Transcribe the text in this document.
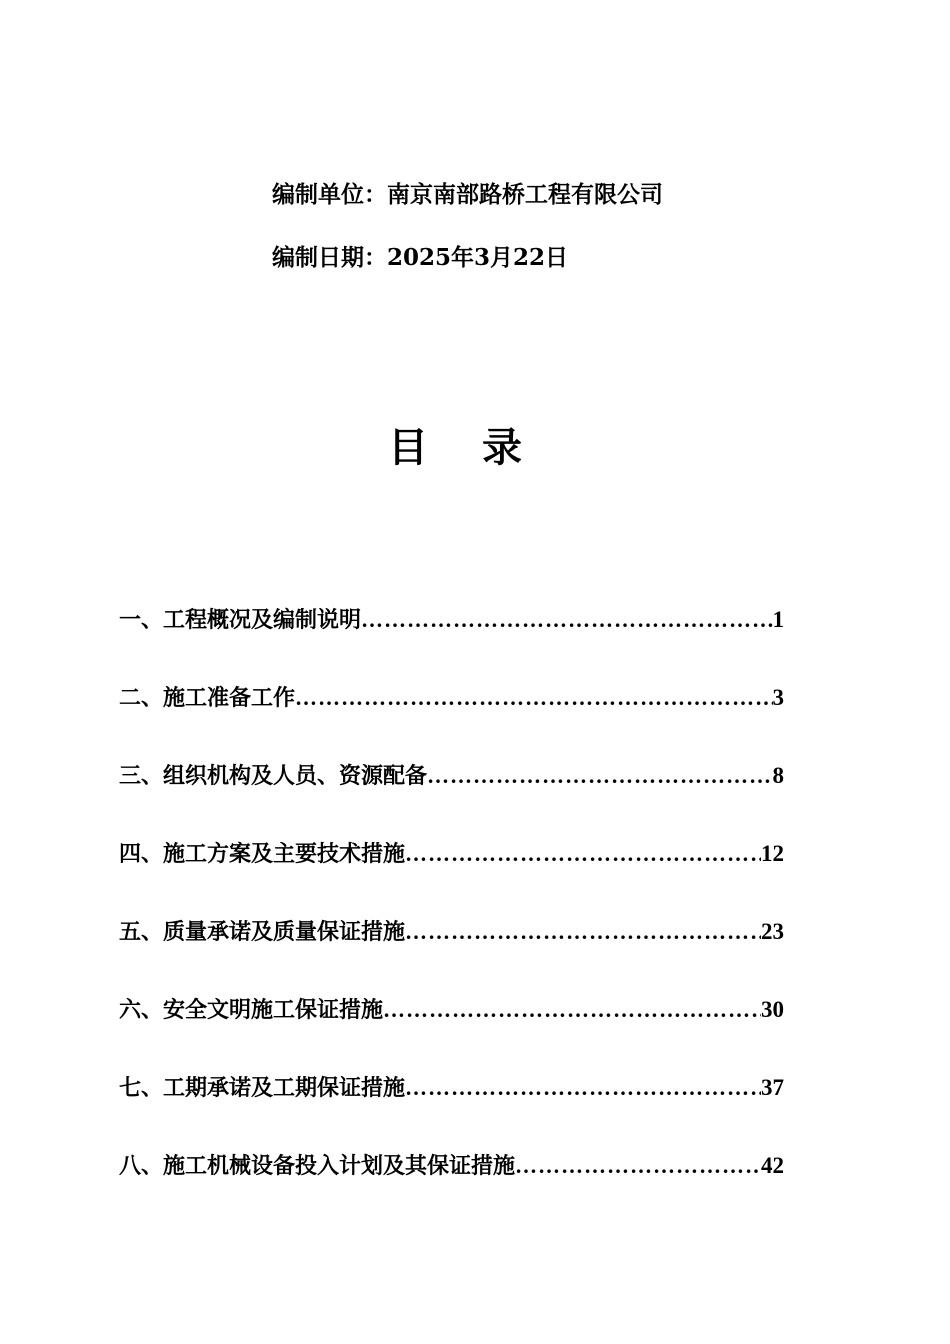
编制单位：南京南部路桥工程有限公司
编制日期：2025年3月22日
目 录
一、工程概况及编制说明 ……………………………………………………………………………………………………………………………………………………	1
二、施工准备工作 ……………………………………………………………………………………………………………………………………………………	3
三、组织机构及人员、资源配备 ……………………………………………………………………………………………………………………………………………………	8
四、施工方案及主要技术措施 ……………………………………………………………………………………………………………………………………………………	12
五、质量承诺及质量保证措施 ……………………………………………………………………………………………………………………………………………………	23
六、安全文明施工保证措施 ……………………………………………………………………………………………………………………………………………………	30
七、工期承诺及工期保证措施 ……………………………………………………………………………………………………………………………………………………	37
八、施工机械设备投入计划及其保证措施 ……………………………………………………………………………………………………………………………………………………	42
